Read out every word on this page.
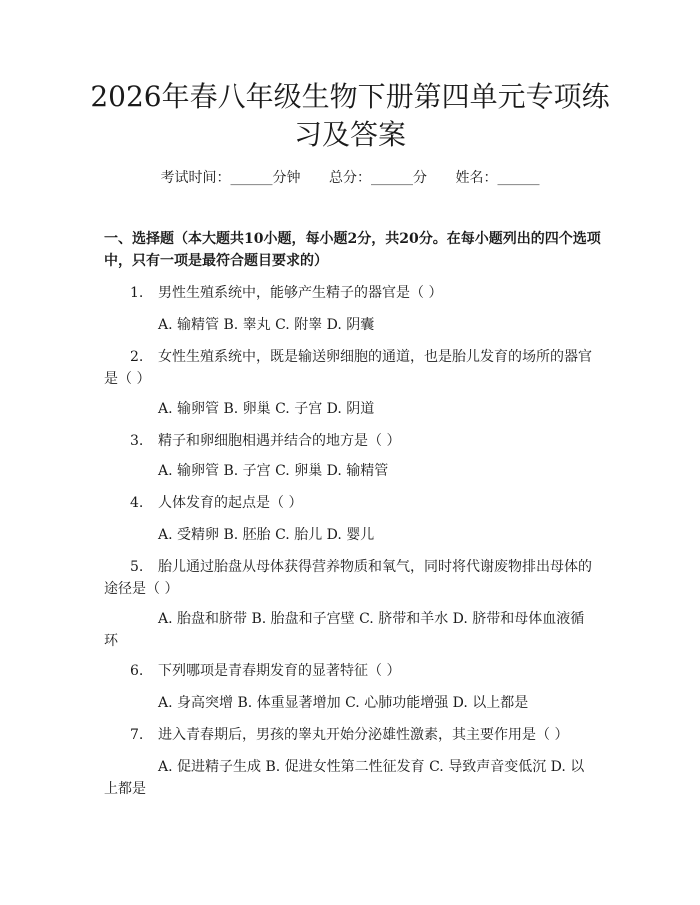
2026年春八年级生物下册第四单元专项练习及答案
考试时间：______分钟 总分：______分 姓名：______

一、选择题（本大题共10小题，每小题2分，共20分。在每小题列出的四个选项中，只有一项是最符合题目要求的）

1. 男性生殖系统中，能够产生精子的器官是（ ）

A. 输精管 B. 睾丸 C. 附睾 D. 阴囊

2. 女性生殖系统中，既是输送卵细胞的通道，也是胎儿发育的场所的器官是（ ）

A. 输卵管 B. 卵巢 C. 子宫 D. 阴道

3. 精子和卵细胞相遇并结合的地方是（ ）

A. 输卵管 B. 子宫 C. 卵巢 D. 输精管

4. 人体发育的起点是（ ）

A. 受精卵 B. 胚胎 C. 胎儿 D. 婴儿

5. 胎儿通过胎盘从母体获得营养物质和氧气，同时将代谢废物排出母体的途径是（ ）

A. 胎盘和脐带 B. 胎盘和子宫壁 C. 脐带和羊水 D. 脐带和母体血液循环

6. 下列哪项是青春期发育的显著特征（ ）

A. 身高突增 B. 体重显著增加 C. 心肺功能增强 D. 以上都是

7. 进入青春期后，男孩的睾丸开始分泌雄性激素，其主要作用是（ ）

A. 促进精子生成 B. 促进女性第二性征发育 C. 导致声音变低沉 D. 以上都是
